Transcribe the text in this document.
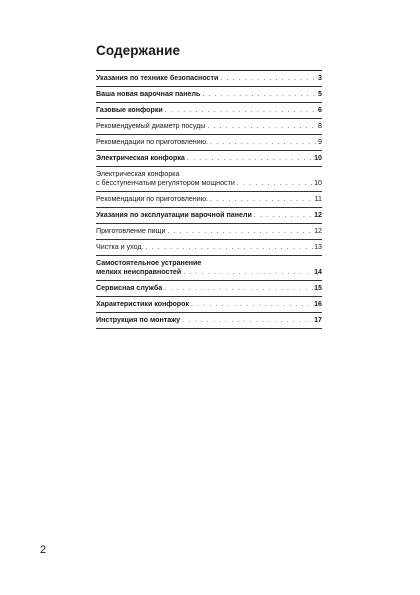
Содержание
Указания по технике безопасности . . .	3
Ваша новая варочная панель . . .	5
Газовые конфорки . . .	6
Рекомендуемый диаметр посуды . . .	8
Рекомендации по приготовлению. . . .	9
Электрическая конфорка . . .	10
Электрическая конфорка
с бесступенчатым регулятором мощности . . .	10
Рекомендации по приготовлению. . . .	11
Указания по эксплуатации варочной панели . . .	12
Приготовление пищи . . .	12
Чистка и уход. . . .	13
Самостоятельное устранение
мелких неисправностей . . .	14
Сервисная служба . . .	15
Характеристики конфорок . . .	16
Инструкция по монтажу . . .	17
2
